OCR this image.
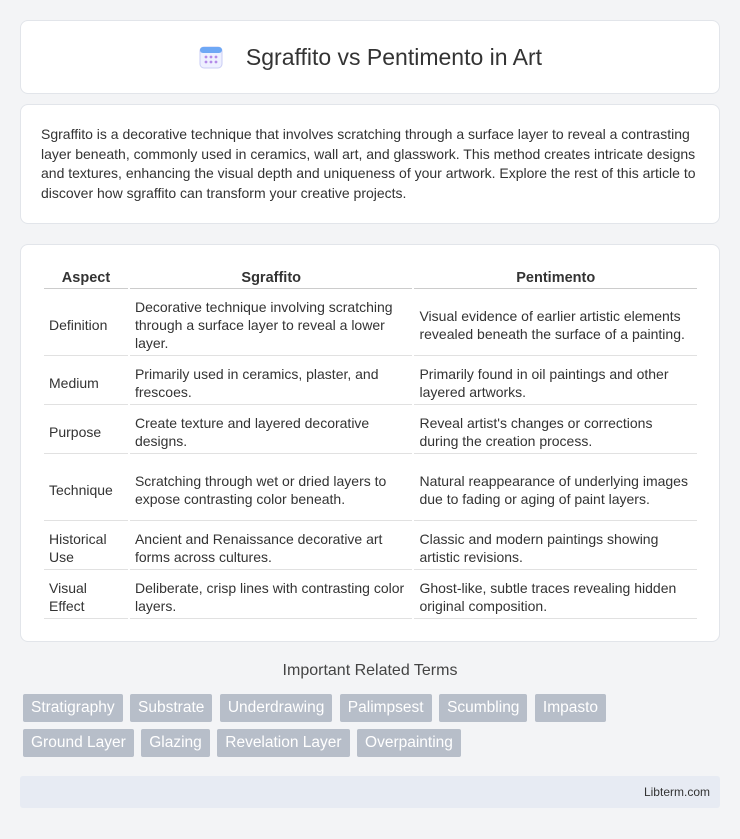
Sgraffito vs Pentimento in Art

Sgraffito is a decorative technique that involves scratching through a surface layer to reveal a contrasting layer beneath, commonly used in ceramics, wall art, and glasswork. This method creates intricate designs and textures, enhancing the visual depth and uniqueness of your artwork. Explore the rest of this article to discover how sgraffito can transform your creative projects.

Aspect	Sgraffito	Pentimento
Definition	Decorative technique involving scratching through a surface layer to reveal a lower layer.	Visual evidence of earlier artistic elements revealed beneath the surface of a painting.
Medium	Primarily used in ceramics, plaster, and frescoes.	Primarily found in oil paintings and other layered artworks.
Purpose	Create texture and layered decorative designs.	Reveal artist's changes or corrections during the creation process.
Technique	Scratching through wet or dried layers to expose contrasting color beneath.	Natural reappearance of underlying images due to fading or aging of paint layers.
Historical Use	Ancient and Renaissance decorative art forms across cultures.	Classic and modern paintings showing artistic revisions.
Visual Effect	Deliberate, crisp lines with contrasting color layers.	Ghost-like, subtle traces revealing hidden original composition.
Important Related Terms
Stratigraphy Substrate Underdrawing Palimpsest Scumbling Impasto
Ground Layer Glazing Revelation Layer Overpainting
Libterm.com
